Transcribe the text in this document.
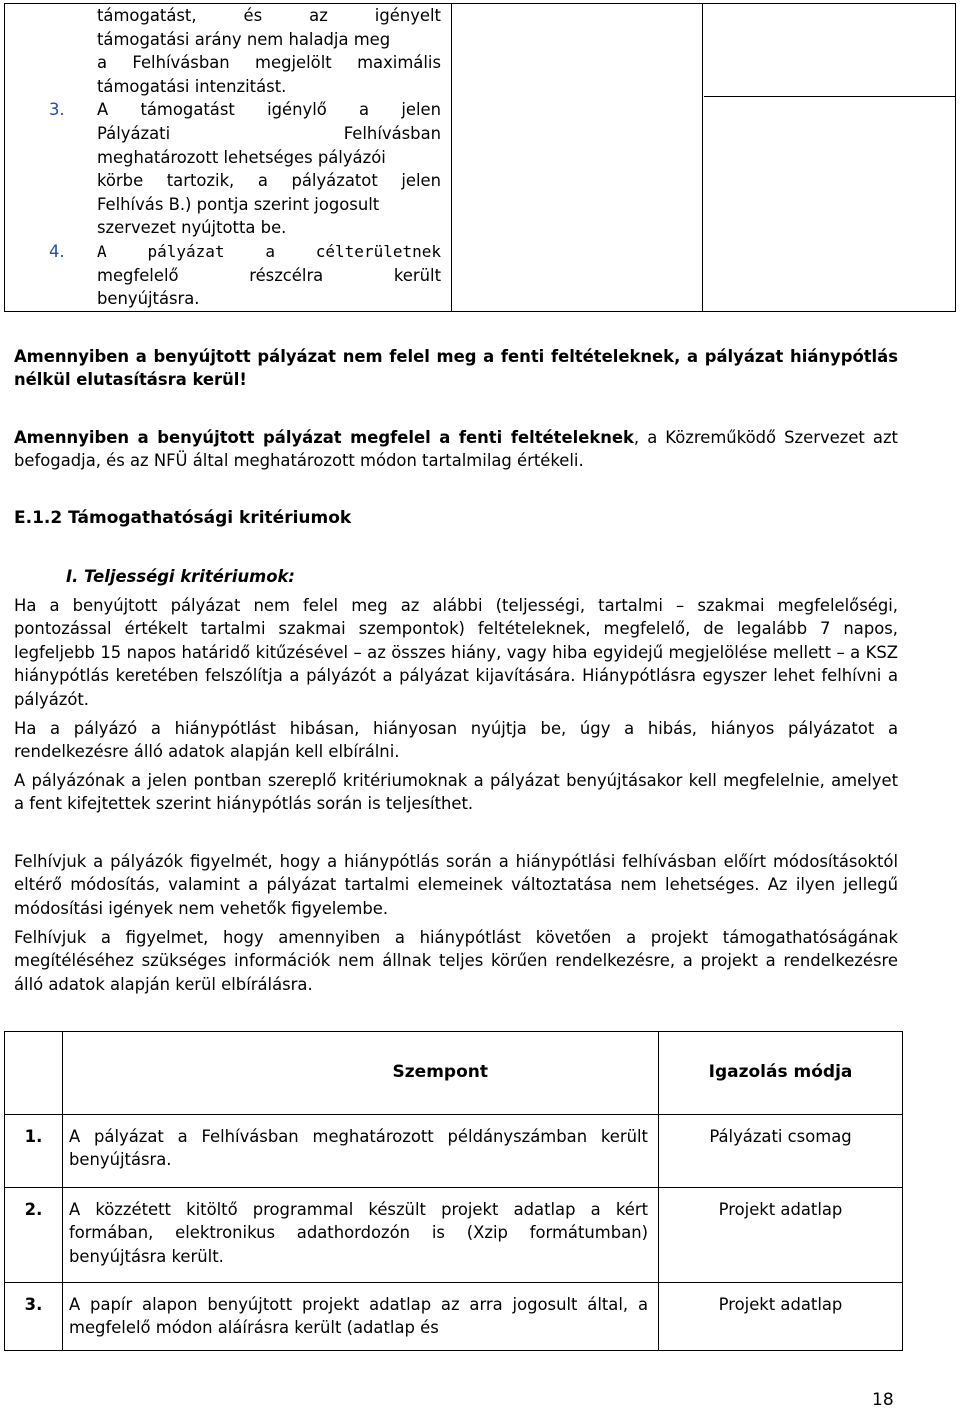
támogatást, és az igényelt
támogatási arány nem haladja meg
a Felhívásban megjelölt maximális
támogatási intenzitást.
3. A támogatást igénylő a jelen
Pályázati Felhívásban
meghatározott lehetséges pályázói
körbe tartozik, a pályázatot jelen
Felhívás B.) pontja szerint jogosult
szervezet nyújtotta be.
4. A pályázat a célterületnek
megfelelő részcélra került
benyújtásra.

Amennyiben a benyújtott pályázat nem felel meg a fenti feltételeknek, a pályázat hiánypótlás nélkül elutasításra kerül!

Amennyiben a benyújtott pályázat megfelel a fenti feltételeknek, a Közreműködő Szervezet azt befogadja, és az NFÜ által meghatározott módon tartalmilag értékeli.

E.1.2 Támogathatósági kritériumok
I. Teljességi kritériumok:

Ha a benyújtott pályázat nem felel meg az alábbi (teljességi, tartalmi – szakmai megfelelőségi, pontozással értékelt tartalmi szakmai szempontok) feltételeknek, megfelelő, de legalább 7 napos, legfeljebb 15 napos határidő kitűzésével – az összes hiány, vagy hiba egyidejű megjelölése mellett – a KSZ hiánypótlás keretében felszólítja a pályázót a pályázat kijavítására. Hiánypótlásra egyszer lehet felhívni a pályázót.

Ha a pályázó a hiánypótlást hibásan, hiányosan nyújtja be, úgy a hibás, hiányos pályázatot a rendelkezésre álló adatok alapján kell elbírálni.

A pályázónak a jelen pontban szereplő kritériumoknak a pályázat benyújtásakor kell megfelelnie, amelyet a fent kifejtettek szerint hiánypótlás során is teljesíthet.

Felhívjuk a pályázók figyelmét, hogy a hiánypótlás során a hiánypótlási felhívásban előírt módosításoktól eltérő módosítás, valamint a pályázat tartalmi elemeinek változtatása nem lehetséges. Az ilyen jellegű módosítási igények nem vehetők figyelembe.

Felhívjuk a figyelmet, hogy amennyiben a hiánypótlást követően a projekt támogathatóságának megítéléséhez szükséges információk nem állnak teljes körűen rendelkezésre, a projekt a rendelkezésre álló adatok alapján kerül elbírálásra.

	Szempont	Igazolás módja
1.	A pályázat a Felhívásban meghatározott példányszámban került benyújtásra.	Pályázati csomag
2.	A közzétett kitöltő programmal készült projekt adatlap a kért formában, elektronikus adathordozón is (Xzip formátumban) benyújtásra került.	Projekt adatlap
3.	A papír alapon benyújtott projekt adatlap az arra jogosult által, a megfelelő módon aláírásra került (adatlap és	Projekt adatlap
18
